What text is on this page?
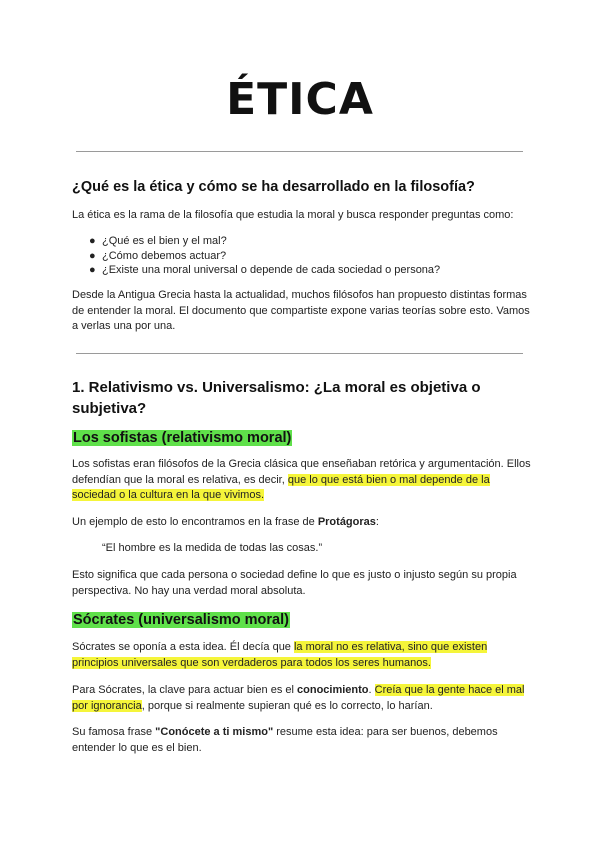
ÉTICA
¿Qué es la ética y cómo se ha desarrollado en la filosofía?
La ética es la rama de la filosofía que estudia la moral y busca responder preguntas como:
● ¿Qué es el bien y el mal?
● ¿Cómo debemos actuar?
● ¿Existe una moral universal o depende de cada sociedad o persona?
Desde la Antigua Grecia hasta la actualidad, muchos filósofos han propuesto distintas formas de entender la moral. El documento que compartiste expone varias teorías sobre esto. Vamos a verlas una por una.
1. Relativismo vs. Universalismo: ¿La moral es objetiva o subjetiva?
Los sofistas (relativismo moral)
Los sofistas eran filósofos de la Grecia clásica que enseñaban retórica y argumentación. Ellos defendían que la moral es relativa, es decir, que lo que está bien o mal depende de la sociedad o la cultura en la que vivimos.
Un ejemplo de esto lo encontramos en la frase de Protágoras:
“El hombre es la medida de todas las cosas.”
Esto significa que cada persona o sociedad define lo que es justo o injusto según su propia perspectiva. No hay una verdad moral absoluta.
Sócrates (universalismo moral)
Sócrates se oponía a esta idea. Él decía que la moral no es relativa, sino que existen principios universales que son verdaderos para todos los seres humanos.
Para Sócrates, la clave para actuar bien es el conocimiento. Creía que la gente hace el mal por ignorancia, porque si realmente supieran qué es lo correcto, lo harían.
Su famosa frase "Conócete a ti mismo" resume esta idea: para ser buenos, debemos entender lo que es el bien.
